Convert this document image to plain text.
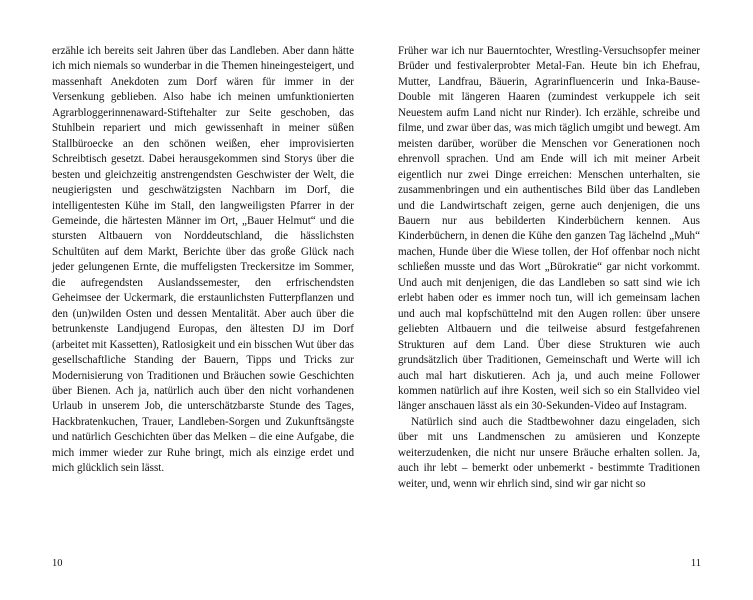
erzähle ich bereits seit Jahren über das Landleben. Aber dann hätte ich mich niemals so wunderbar in die Themen hineingesteigert, und massenhaft Anekdoten zum Dorf wären für immer in der Versenkung geblieben. Also habe ich meinen umfunktionierten Agrarbloggerinnenaward-Stiftehalter zur Seite geschoben, das Stuhlbein repariert und mich gewissenhaft in meiner süßen Stallbüroecke an den schönen weißen, eher improvisierten Schreibtisch gesetzt. Dabei herausgekommen sind Storys über die besten und gleichzeitig anstrengendsten Geschwister der Welt, die neugierigsten und geschwätzigsten Nachbarn im Dorf, die intelligentesten Kühe im Stall, den langweiligsten Pfarrer in der Gemeinde, die härtesten Männer im Ort, „Bauer Helmut“ und die stursten Altbauern von Norddeutschland, die hässlichsten Schultüten auf dem Markt, Berichte über das große Glück nach jeder gelungenen Ernte, die muffeligsten Treckersitze im Sommer, die aufregendsten Auslandssemester, den erfrischendsten Geheimsee der Uckermark, die erstaunlichsten Futterpflanzen und den (un)wilden Osten und dessen Mentalität. Aber auch über die betrunkenste Landjugend Europas, den ältesten DJ im Dorf (arbeitet mit Kassetten), Ratlosigkeit und ein bisschen Wut über das gesellschaftliche Standing der Bauern, Tipps und Tricks zur Modernisierung von Traditionen und Bräuchen sowie Geschichten über Bienen. Ach ja, natürlich auch über den nicht vorhandenen Urlaub in unserem Job, die unterschätzbarste Stunde des Tages, Hackbratenkuchen, Trauer, Landleben-Sorgen und Zukunftsängste und natürlich Geschichten über das Melken – die eine Aufgabe, die mich immer wieder zur Ruhe bringt, mich als einzige erdet und mich glücklich sein lässt.

Früher war ich nur Bauerntochter, Wrestling-Versuchsopfer meiner Brüder und festivalerprobter Metal-Fan. Heute bin ich Ehefrau, Mutter, Landfrau, Bäuerin, Agrarinfluencerin und Inka-Bause-Double mit längeren Haaren (zumindest verkuppele ich seit Neuestem aufm Land nicht nur Rinder). Ich erzähle, schreibe und filme, und zwar über das, was mich täglich umgibt und bewegt. Am meisten darüber, worüber die Menschen vor Generationen noch ehrenvoll sprachen. Und am Ende will ich mit meiner Arbeit eigentlich nur zwei Dinge erreichen: Menschen unterhalten, sie zusammenbringen und ein authentisches Bild über das Landleben und die Landwirtschaft zeigen, gerne auch denjenigen, die uns Bauern nur aus bebilderten Kinderbüchern kennen. Aus Kinderbüchern, in denen die Kühe den ganzen Tag lächelnd „Muh“ machen, Hunde über die Wiese tollen, der Hof offenbar noch nicht schließen musste und das Wort „Bürokratie“ gar nicht vorkommt. Und auch mit denjenigen, die das Landleben so satt sind wie ich erlebt haben oder es immer noch tun, will ich gemeinsam lachen und auch mal kopfschüttelnd mit den Augen rollen: über unsere geliebten Altbauern und die teilweise absurd festgefahrenen Strukturen auf dem Land. Über diese Strukturen wie auch grundsätzlich über Traditionen, Gemeinschaft und Werte will ich auch mal hart diskutieren. Ach ja, und auch meine Follower kommen natürlich auf ihre Kosten, weil sich so ein Stallvideo viel länger anschauen lässt als ein 30-Sekunden-Video auf Instagram.

Natürlich sind auch die Stadtbewohner dazu eingeladen, sich über mit uns Landmenschen zu amüsieren und Konzepte weiterzudenken, die nicht nur unsere Bräuche erhalten sollen. Ja, auch ihr lebt – bemerkt oder unbemerkt - bestimmte Traditionen weiter, und, wenn wir ehrlich sind, sind wir gar nicht so

10	11
